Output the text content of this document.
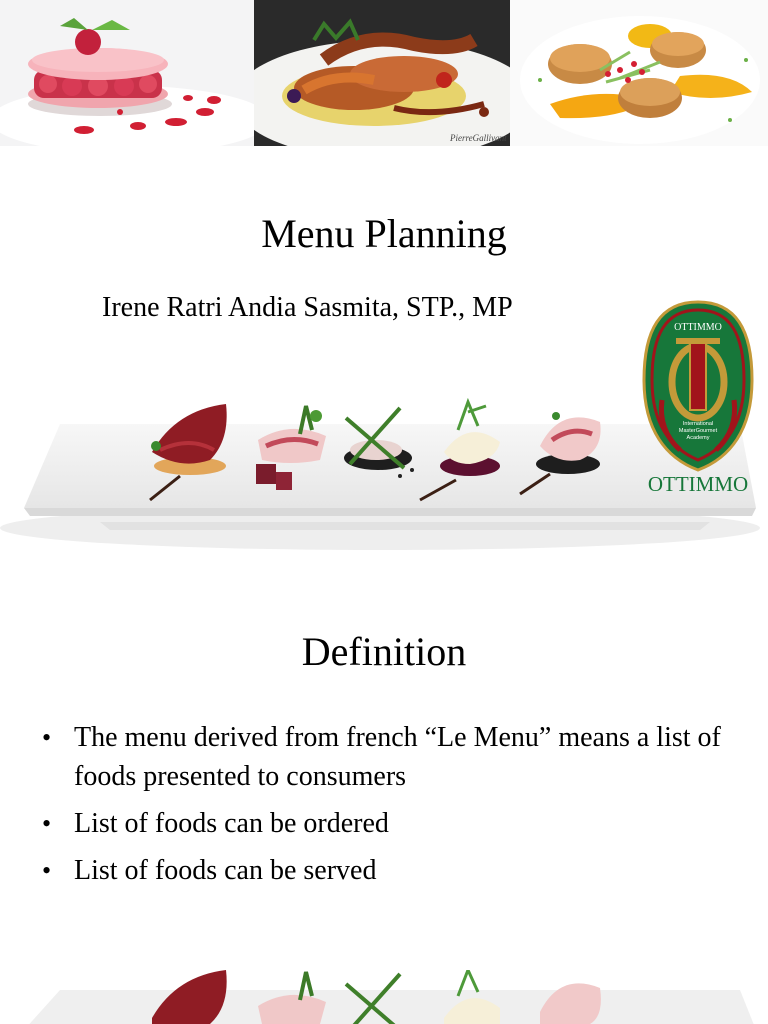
PierreGallivant
Menu Planning

Irene Ratri Andia Sasmita, STP., MP

OTTIMMO
International
MasterGourmet
Academy
OTTIMMO
Definition
• The menu derived from french “Le Menu” means a list of foods presented to consumers
• List of foods can be ordered
• List of foods can be served
